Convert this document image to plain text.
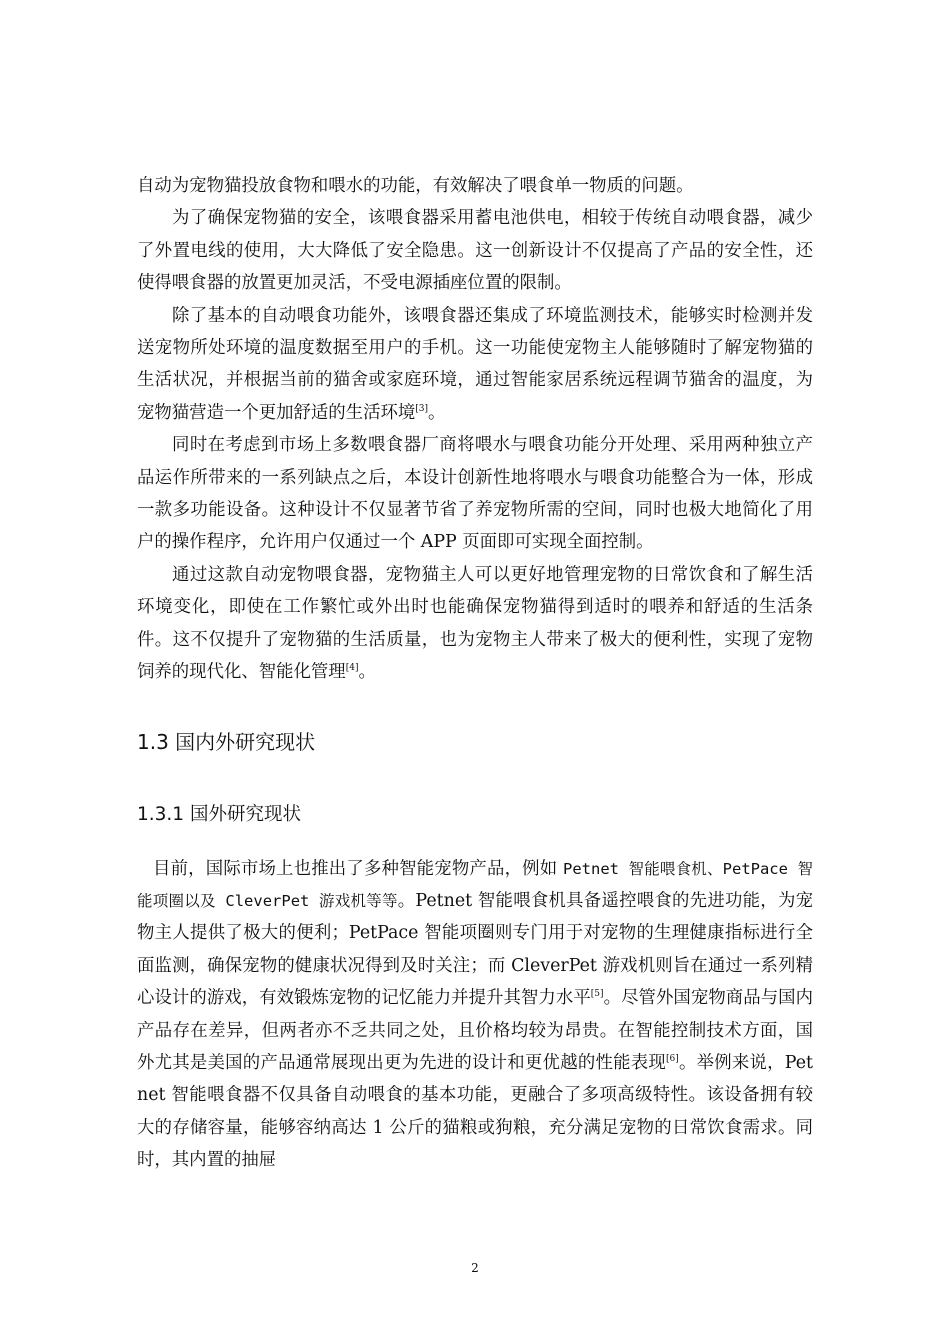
自动为宠物猫投放食物和喂水的功能，有效解决了喂食单一物质的问题。

为了确保宠物猫的安全，该喂食器采用蓄电池供电，相较于传统自动喂食器，减少了外置电线的使用，大大降低了安全隐患。这一创新设计不仅提高了产品的安全性，还使得喂食器的放置更加灵活，不受电源插座位置的限制。

除了基本的自动喂食功能外，该喂食器还集成了环境监测技术，能够实时检测并发送宠物所处环境的温度数据至用户的手机。这一功能使宠物主人能够随时了解宠物猫的生活状况，并根据当前的猫舍或家庭环境，通过智能家居系统远程调节猫舍的温度，为宠物猫营造一个更加舒适的生活环境[3]。

同时在考虑到市场上多数喂食器厂商将喂水与喂食功能分开处理、采用两种独立产品运作所带来的一系列缺点之后，本设计创新性地将喂水与喂食功能整合为一体，形成一款多功能设备。这种设计不仅显著节省了养宠物所需的空间，同时也极大地简化了用户的操作程序，允许用户仅通过一个 APP 页面即可实现全面控制。

通过这款自动宠物喂食器，宠物猫主人可以更好地管理宠物的日常饮食和了解生活环境变化，即使在工作繁忙或外出时也能确保宠物猫得到适时的喂养和舒适的生活条件。这不仅提升了宠物猫的生活质量，也为宠物主人带来了极大的便利性，实现了宠物饲养的现代化、智能化管理[4]。

1.3 国内外研究现状
1.3.1 国外研究现状

目前，国际市场上也推出了多种智能宠物产品，例如 Petnet 智能喂食机、PetPace 智能项圈以及 CleverPet 游戏机等等。Petnet 智能喂食机具备遥控喂食的先进功能，为宠物主人提供了极大的便利；PetPace 智能项圈则专门用于对宠物的生理健康指标进行全面监测，确保宠物的健康状况得到及时关注；而 CleverPet 游戏机则旨在通过一系列精心设计的游戏，有效锻炼宠物的记忆能力并提升其智力水平[5]。尽管外国宠物商品与国内产品存在差异，但两者亦不乏共同之处，且价格均较为昂贵。在智能控制技术方面，国外尤其是美国的产品通常展现出更为先进的设计和更优越的性能表现[6]。举例来说，Petnet 智能喂食器不仅具备自动喂食的基本功能，更融合了多项高级特性。该设备拥有较大的存储容量，能够容纳高达 1 公斤的猫粮或狗粮，充分满足宠物的日常饮食需求。同时，其内置的抽屉

2
